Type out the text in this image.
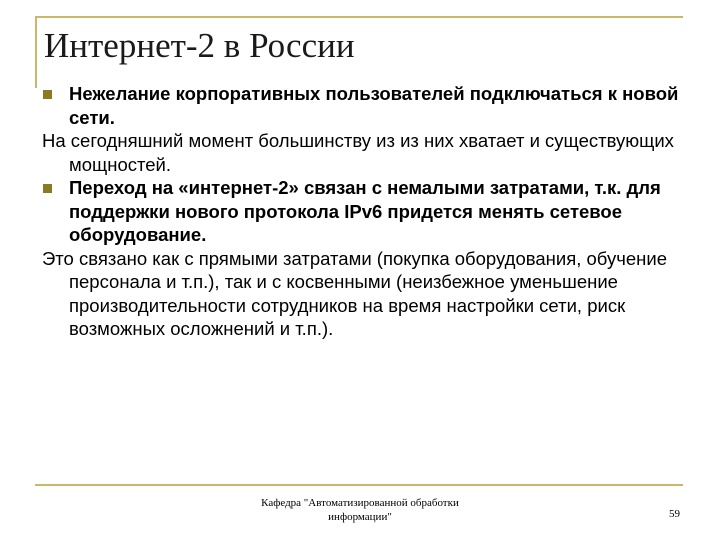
Интернет-2 в России
Нежелание корпоративных пользователей подключаться к новой сети.
На сегодняшний момент большинству из из них хватает и существующих мощностей.
Переход на «интернет-2» связан с немалыми затратами, т.к. для поддержки нового протокола IPv6 придется менять сетевое оборудование.
Это связано как с прямыми затратами (покупка оборудования, обучение персонала и т.п.), так и с косвенными (неизбежное уменьшение производительности сотрудников на время настройки сети, риск возможных осложнений и т.п.).
Кафедра "Автоматизированной обработки
информации"	59
